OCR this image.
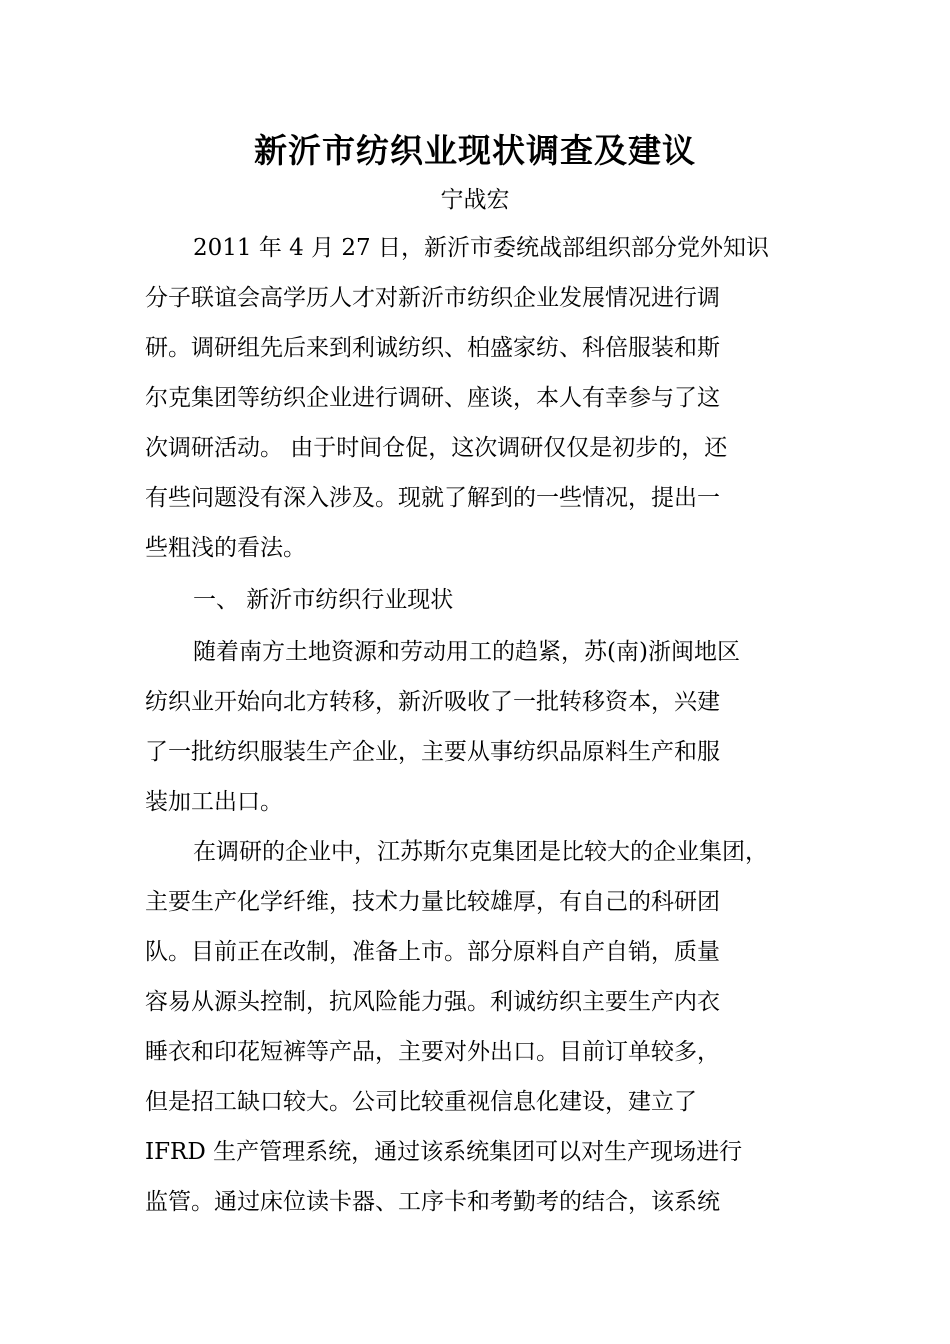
新沂市纺织业现状调查及建议
宁战宏
2011 年 4 月 27 日，新沂市委统战部组织部分党外知识
分子联谊会高学历人才对新沂市纺织企业发展情况进行调
研。调研组先后来到利诚纺织、柏盛家纺、科倍服装和斯
尔克集团等纺织企业进行调研、座谈，本人有幸参与了这
次调研活动。 由于时间仓促，这次调研仅仅是初步的，还
有些问题没有深入涉及。现就了解到的一些情况，提出一
些粗浅的看法。
一、 新沂市纺织行业现状
随着南方土地资源和劳动用工的趋紧，苏(南)浙闽地区
纺织业开始向北方转移，新沂吸收了一批转移资本，兴建
了一批纺织服装生产企业，主要从事纺织品原料生产和服
装加工出口。
在调研的企业中，江苏斯尔克集团是比较大的企业集团，
主要生产化学纤维，技术力量比较雄厚，有自己的科研团
队。目前正在改制，准备上市。部分原料自产自销，质量
容易从源头控制，抗风险能力强。利诚纺织主要生产内衣
睡衣和印花短裤等产品，主要对外出口。目前订单较多，
但是招工缺口较大。公司比较重视信息化建设，建立了
IFRD 生产管理系统，通过该系统集团可以对生产现场进行
监管。通过床位读卡器、工序卡和考勤考的结合，该系统
